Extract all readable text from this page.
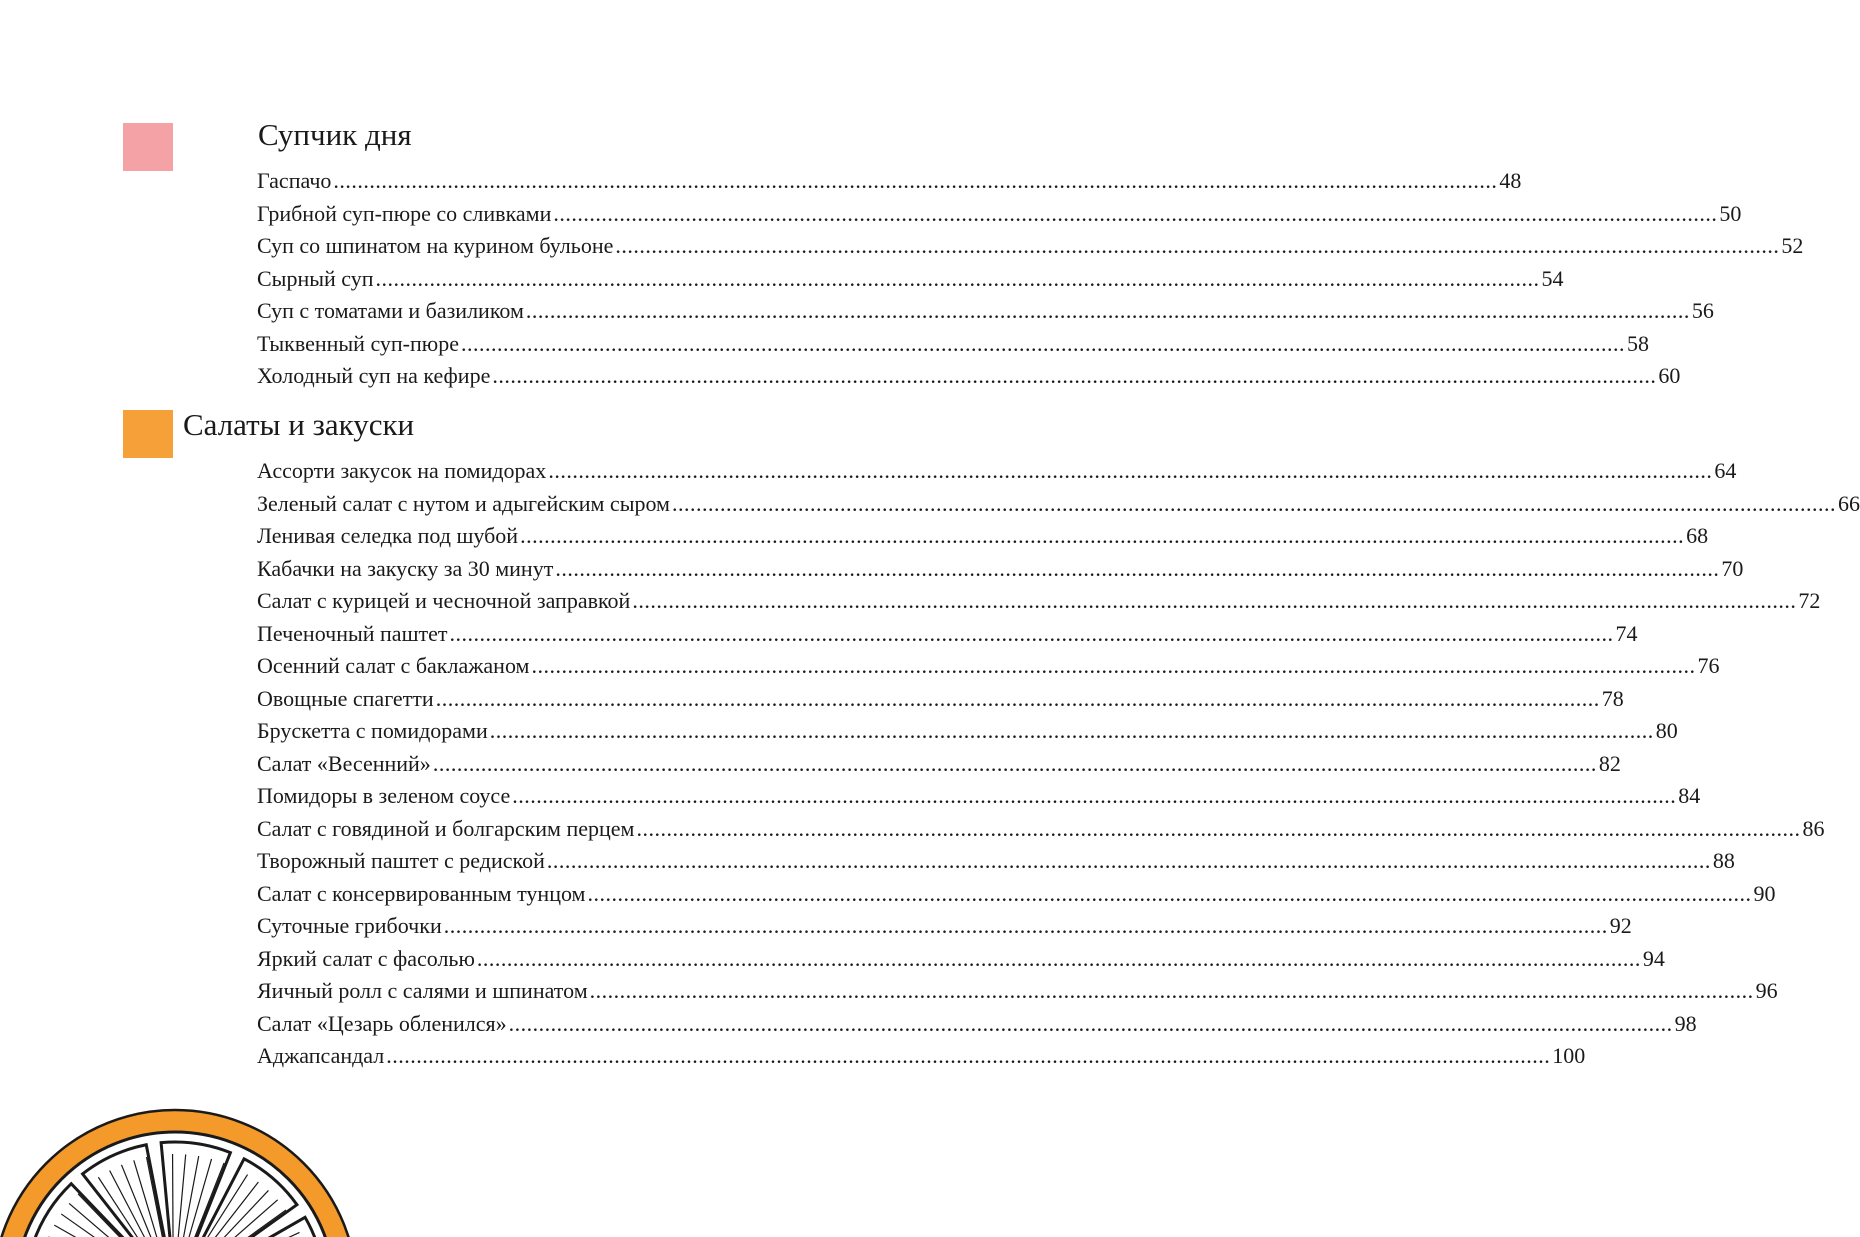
Супчик дня
Гаспачо .................................................................................................................................................................................................. 48
Грибной суп-пюре со сливками .................................................................................................................................................................................................. 50
Суп со шпинатом на курином бульоне .................................................................................................................................................................................................. 52
Сырный суп .................................................................................................................................................................................................. 54
Суп с томатами и базиликом .................................................................................................................................................................................................. 56
Тыквенный суп-пюре .................................................................................................................................................................................................. 58
Холодный суп на кефире .................................................................................................................................................................................................. 60
Салаты и закуски
Ассорти закусок на помидорах .................................................................................................................................................................................................. 64
Зеленый салат с нутом и адыгейским сыром .................................................................................................................................................................................................. 66
Ленивая селедка под шубой .................................................................................................................................................................................................. 68
Кабачки на закуску за 30 минут .................................................................................................................................................................................................. 70
Салат с курицей и чесночной заправкой .................................................................................................................................................................................................. 72
Печеночный паштет .................................................................................................................................................................................................. 74
Осенний салат с баклажаном .................................................................................................................................................................................................. 76
Овощные спагетти .................................................................................................................................................................................................. 78
Брускетта с помидорами .................................................................................................................................................................................................. 80
Салат «Весенний» .................................................................................................................................................................................................. 82
Помидоры в зеленом соусе .................................................................................................................................................................................................. 84
Салат с говядиной и болгарским перцем .................................................................................................................................................................................................. 86
Творожный паштет с редиской .................................................................................................................................................................................................. 88
Салат с консервированным тунцом .................................................................................................................................................................................................. 90
Суточные грибочки .................................................................................................................................................................................................. 92
Яркий салат с фасолью .................................................................................................................................................................................................. 94
Яичный ролл с салями и шпинатом .................................................................................................................................................................................................. 96
Салат «Цезарь обленился» .................................................................................................................................................................................................. 98
Аджапсандал .................................................................................................................................................................................................. 100
